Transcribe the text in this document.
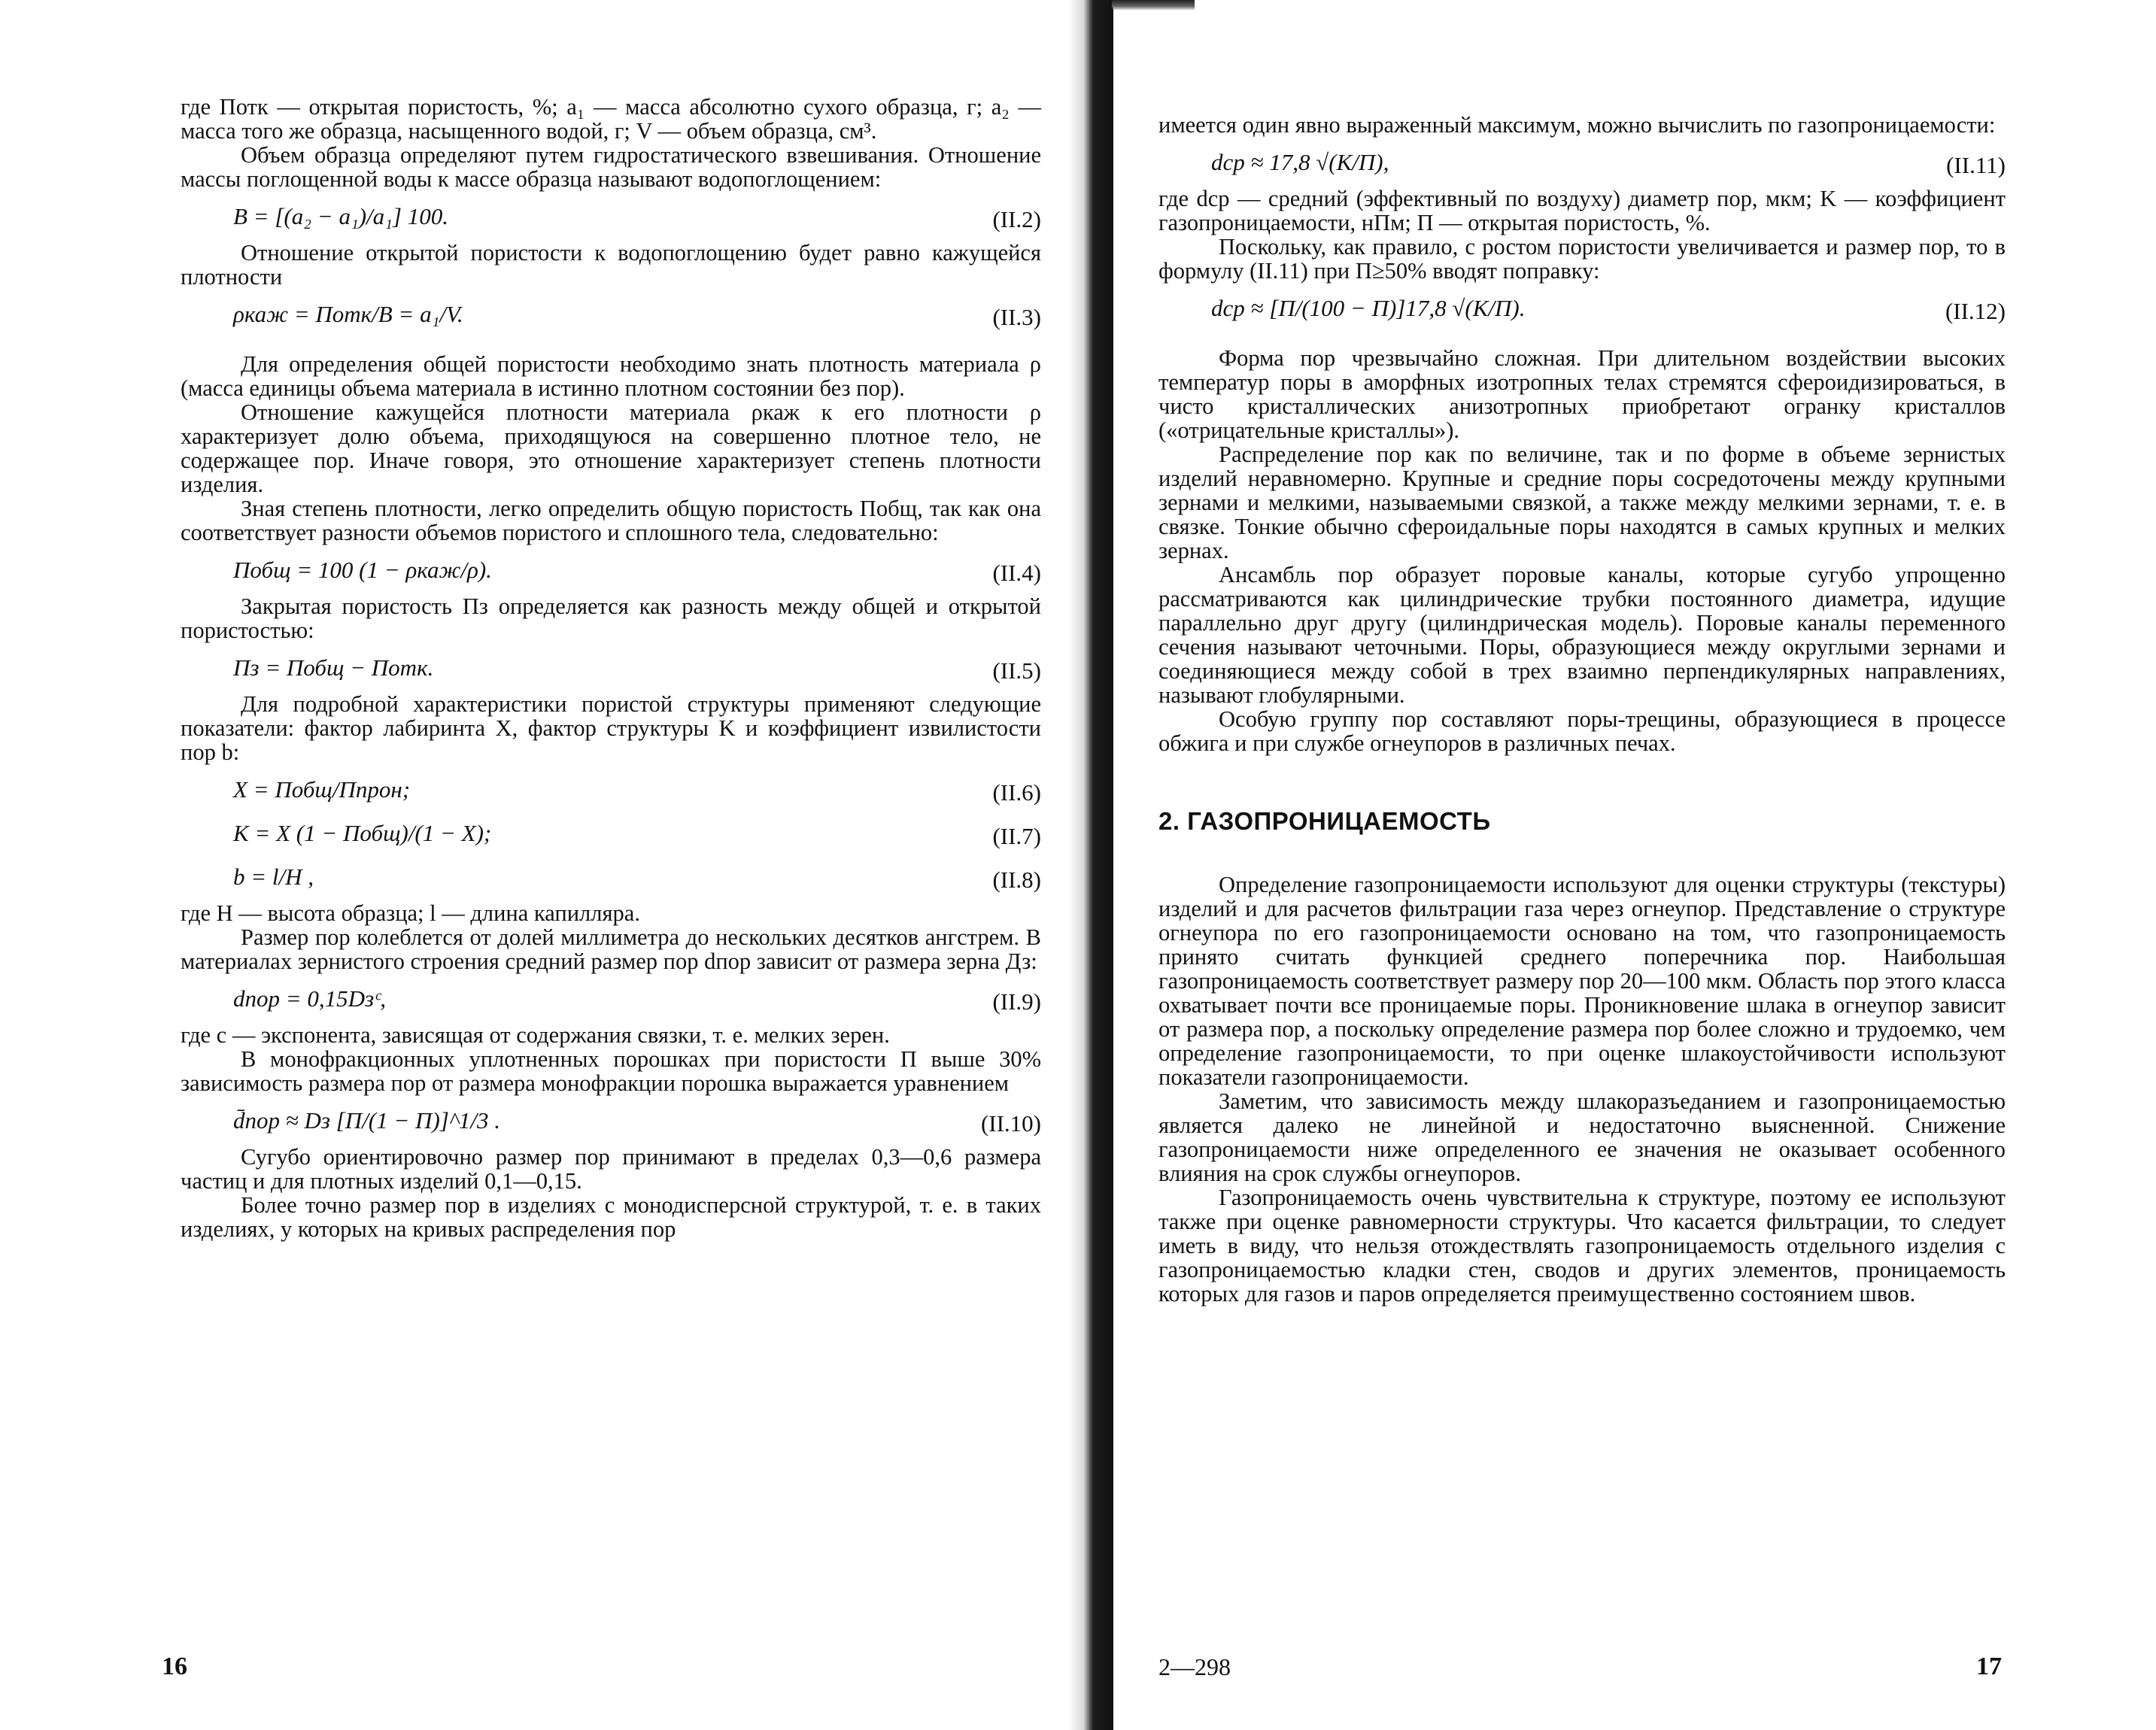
где Потк — открытая пористость, %; a₁ — масса абсолютно сухого образца, г; a₂ — масса того же образца, насыщенного водой, г; V — объем образца, см³.

Объем образца определяют путем гидростатического взвешивания. Отношение массы поглощенной воды к массе образца называют водопоглощением:

B = [(a₂ − a₁)/a₁] 100.	(II.2)

Отношение открытой пористости к водопоглощению будет равно кажущейся плотности

ρкаж = Потк/B = a₁/V.	(II.3)

Для определения общей пористости необходимо знать плотность материала ρ (масса единицы объема материала в истинно плотном состоянии без пор).

Отношение кажущейся плотности материала ρкаж к его плотности ρ характеризует долю объема, приходящуюся на совершенно плотное тело, не содержащее пор. Иначе говоря, это отношение характеризует степень плотности изделия.

Зная степень плотности, легко определить общую пористость Побщ, так как она соответствует разности объемов пористого и сплошного тела, следовательно:

Побщ = 100 (1 − ρкаж/ρ).	(II.4)

Закрытая пористость Пз определяется как разность между общей и открытой пористостью:

Пз = Побщ − Потк.	(II.5)

Для подробной характеристики пористой структуры применяют следующие показатели: фактор лабиринта X, фактор структуры K и коэффициент извилистости пор b:

X = Побщ/Ппрон;	(II.6)
K = X (1 − Побщ)/(1 − X);	(II.7)
b = l/H ,	(II.8)

где H — высота образца; l — длина капилляра.

Размер пор колеблется от долей миллиметра до нескольких десятков ангстрем. В материалах зернистого строения средний размер пор dпор зависит от размера зерна Дз:

dпор = 0,15Dзᶜ,	(II.9)

где с — экспонента, зависящая от содержания связки, т. е. мелких зерен.

В монофракционных уплотненных порошках при пористости П выше 30% зависимость размера пор от размера монофракции порошка выражается уравнением

d̄пор ≈ Dз [П/(1 − П)]^1/3 .	(II.10)

Сугубо ориентировочно размер пор принимают в пределах 0,3—0,6 размера частиц и для плотных изделий 0,1—0,15.

Более точно размер пор в изделиях с монодисперсной структурой, т. е. в таких изделиях, у которых на кривых распределения пор

16

имеется один явно выраженный максимум, можно вычислить по газопроницаемости:

dср ≈ 17,8 √(K/П),	(II.11)

где dср — средний (эффективный по воздуху) диаметр пор, мкм; K — коэффициент газопроницаемости, нПм; П — открытая пористость, %.

Поскольку, как правило, с ростом пористости увеличивается и размер пор, то в формулу (II.11) при П≥50% вводят поправку:

dср ≈ [П/(100 − П)]17,8 √(K/П).	(II.12)

Форма пор чрезвычайно сложная. При длительном воздействии высоких температур поры в аморфных изотропных телах стремятся сфероидизироваться, в чисто кристаллических анизотропных приобретают огранку кристаллов («отрицательные кристаллы»).

Распределение пор как по величине, так и по форме в объеме зернистых изделий неравномерно. Крупные и средние поры сосредоточены между крупными зернами и мелкими, называемыми связкой, а также между мелкими зернами, т. е. в связке. Тонкие обычно сфероидальные поры находятся в самых крупных и мелких зернах.

Ансамбль пор образует поровые каналы, которые сугубо упрощенно рассматриваются как цилиндрические трубки постоянного диаметра, идущие параллельно друг другу (цилиндрическая модель). Поровые каналы переменного сечения называют четочными. Поры, образующиеся между округлыми зернами и соединяющиеся между собой в трех взаимно перпендикулярных направлениях, называют глобулярными.

Особую группу пор составляют поры-трещины, образующиеся в процессе обжига и при службе огнеупоров в различных печах.

2. ГАЗОПРОНИЦАЕМОСТЬ

Определение газопроницаемости используют для оценки структуры (текстуры) изделий и для расчетов фильтрации газа через огнеупор. Представление о структуре огнеупора по его газопроницаемости основано на том, что газопроницаемость принято считать функцией среднего поперечника пор. Наибольшая газопроницаемость соответствует размеру пор 20—100 мкм. Область пор этого класса охватывает почти все проницаемые поры. Проникновение шлака в огнеупор зависит от размера пор, а поскольку определение размера пор более сложно и трудоемко, чем определение газопроницаемости, то при оценке шлакоустойчивости используют показатели газопроницаемости.

Заметим, что зависимость между шлакоразъеданием и газопроницаемостью является далеко не линейной и недостаточно выясненной. Снижение газопроницаемости ниже определенного ее значения не оказывает особенного влияния на срок службы огнеупоров.

Газопроницаемость очень чувствительна к структуре, поэтому ее используют также при оценке равномерности структуры. Что касается фильтрации, то следует иметь в виду, что нельзя отождествлять газопроницаемость отдельного изделия с газопроницаемостью кладки стен, сводов и других элементов, проницаемость которых для газов и паров определяется преимущественно состоянием швов.

2—298	17
